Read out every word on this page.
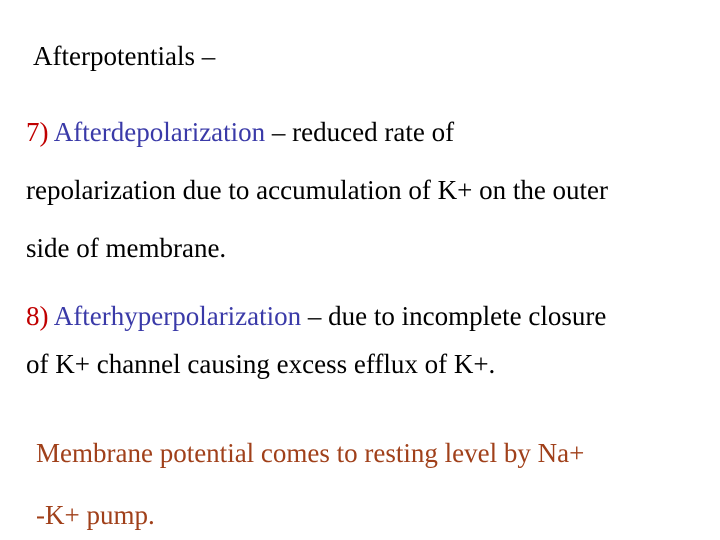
Afterpotentials –
7) Afterdepolarization – reduced rate of
repolarization due to accumulation of K+ on the outer
side of membrane.
8) Afterhyperpolarization – due to incomplete closure
of K+ channel causing excess efflux of K+.
Membrane potential comes to resting level by Na+
-K+ pump.
